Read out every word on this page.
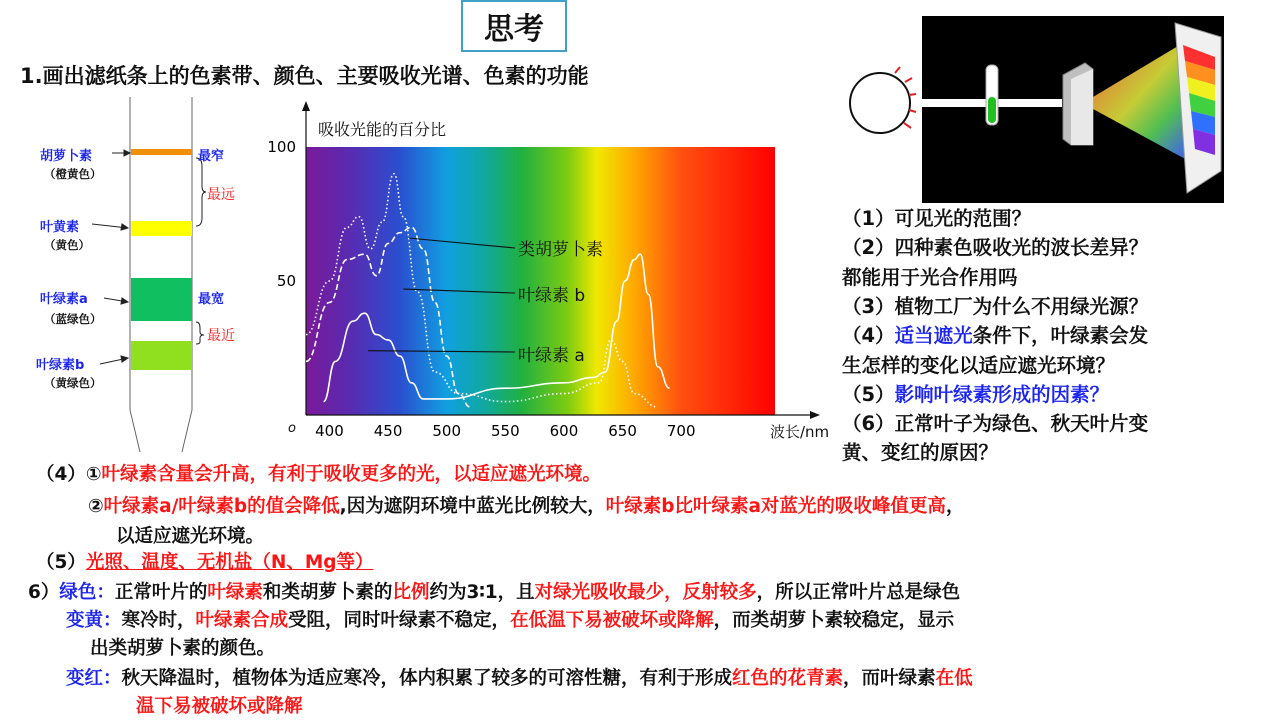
思考
1.画出滤纸条上的色素带、颜色、主要吸收光谱、色素的功能
胡萝卜素
（橙黄色）
最窄
最远
叶黄素
（黄色）
叶绿素a
（蓝绿色）
最宽
最近
叶绿素b
（黄绿色）
400 450 500 550 600 650 700
100
50
吸收光能的百分比
波长/nm
o
类胡萝卜素
叶绿素 b
叶绿素 a
（1）可见光的范围？
（2）四种素色吸收光的波长差异？
都能用于光合作用吗
（3）植物工厂为什么不用绿光源？
（4）适当遮光条件下，叶绿素会发
生怎样的变化以适应遮光环境？
（5）影响叶绿素形成的因素？
（6）正常叶子为绿色、秋天叶片变
黄、变红的原因？
（4）①叶绿素含量会升高，有利于吸收更多的光，以适应遮光环境。
②叶绿素a/叶绿素b的值会降低,因为遮阴环境中蓝光比例较大，叶绿素b比叶绿素a对蓝光的吸收峰值更高，
以适应遮光环境。
（5）光照、温度、无机盐（N、Mg等）
6）绿色：正常叶片的叶绿素和类胡萝卜素的比例约为3∶1，且对绿光吸收最少，反射较多，所以正常叶片总是绿色
变黄：寒冷时，叶绿素合成受阻，同时叶绿素不稳定，在低温下易被破坏或降解，而类胡萝卜素较稳定，显示
出类胡萝卜素的颜色。
变红：秋天降温时，植物体为适应寒冷，体内积累了较多的可溶性糖，有利于形成红色的花青素，而叶绿素在低
温下易被破坏或降解
